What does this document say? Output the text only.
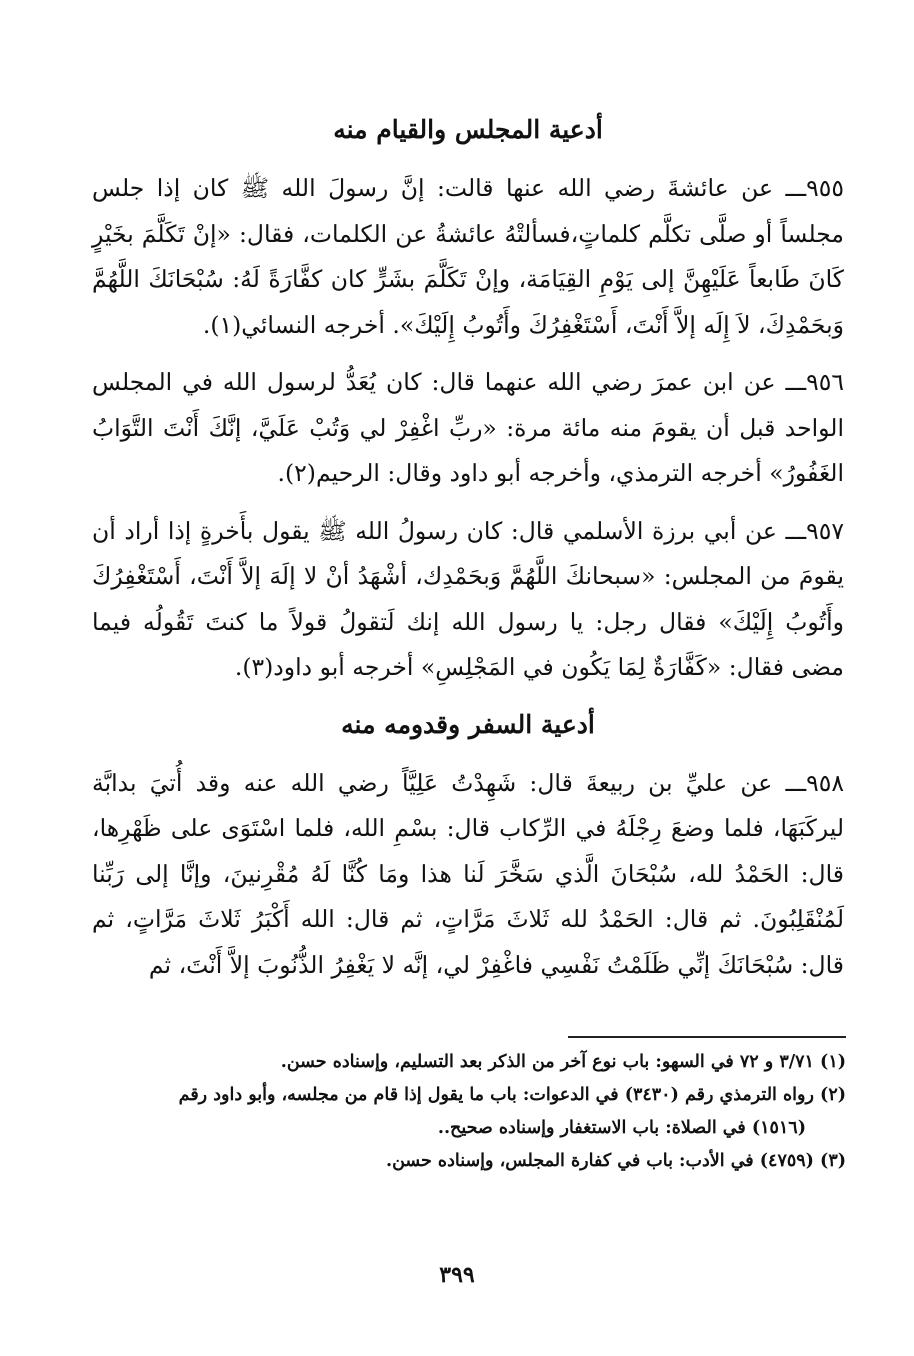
أدعية المجلس والقيام منه

٩٥٥ـــ عن عائشةَ رضي الله عنها قالت: إنَّ رسولَ الله ﷺ كان إذا جلس مجلساً أو صلَّى تكلَّم كلماتٍ،فسألتْهُ عائشةُ عن الكلمات، فقال: «إنْ تَكَلَّمَ بخَيْرٍ كَانَ طَابعاً عَلَيْهِنَّ إلى يَوْمِ القِيَامَة، وإنْ تَكَلَّمَ بشَرٍّ كان كفَّارَةً لَهُ: سُبْحَانَكَ اللَّهُمَّ وَبحَمْدِكَ، لاَ إِلَه إلاَّ أَنْتَ، أَسْتَغْفِرُكَ وأَتُوبُ إِلَيْكَ». أخرجه النسائي(١).

٩٥٦ـــ عن ابن عمرَ رضي الله عنهما قال: كان يُعَدُّ لرسول الله في المجلس الواحد قبل أن يقومَ منه مائة مرة: «ربِّ اغْفِرْ لي وَتُبْ عَلَيَّ، إنَّكَ أَنْتَ التَّوَابُ الغَفُورُ» أخرجه الترمذي، وأخرجه أبو داود وقال: الرحيم(٢).

٩٥٧ـــ عن أبي برزة الأسلمي قال: كان رسولُ الله ﷺ يقول بأَخرةٍ إذا أراد أن يقومَ من المجلس: «سبحانكَ اللَّهُمَّ وَبحَمْدِك، أشْهَدُ أنْ لا إلَهَ إلاَّ أَنْتَ، أَسْتَغْفِرُكَ وأَتُوبُ إِلَيْكَ» فقال رجل: يا رسول الله إنك لَتقولُ قولاً ما كنتَ تَقُولُه فيما مضى فقال: «كَفَّارَةٌ لِمَا يَكُون في المَجْلِسِ» أخرجه أبو داود(٣).

أدعية السفر وقدومه منه

٩٥٨ـــ عن عليِّ بن ربيعةَ قال: شَهِدْتُ عَلِيَّاً رضي الله عنه وقد أُتيَ بدابَّة ليركَبَهَا، فلما وضعَ رِجْلَهُ في الرِّكاب قال: بسْمِ الله، فلما اسْتَوَى على ظَهْرِها، قال: الحَمْدُ لله، سُبْحَانَ الَّذي سَخَّرَ لَنا هذا ومَا كُنَّا لَهُ مُقْرِنينَ، وإنَّا إلى رَبِّنا لَمُنْقَلِبُونَ. ثم قال: الحَمْدُ لله ثَلاثَ مَرَّاتٍ، ثم قال: الله أَكْبَرُ ثَلاثَ مَرَّاتٍ، ثم قال: سُبْحَانَكَ إنِّي ظَلَمْتُ نَفْسِي فاغْفِرْ لي، إنَّه لا يَغْفِرُ الذُّنُوبَ إلاَّ أَنْتَ، ثم

(١) ٣/٧١ و ٧٢ في السهو: باب نوع آخر من الذكر بعد التسليم، وإسناده حسن.

(٢) رواه الترمذي رقم (٣٤٣٠) في الدعوات: باب ما يقول إذا قام من مجلسه، وأبو داود رقم

(١٥١٦) في الصلاة: باب الاستغفار وإسناده صحيح..

(٣) (٤٧٥٩) في الأدب: باب في كفارة المجلس، وإسناده حسن.

٣٩٩
